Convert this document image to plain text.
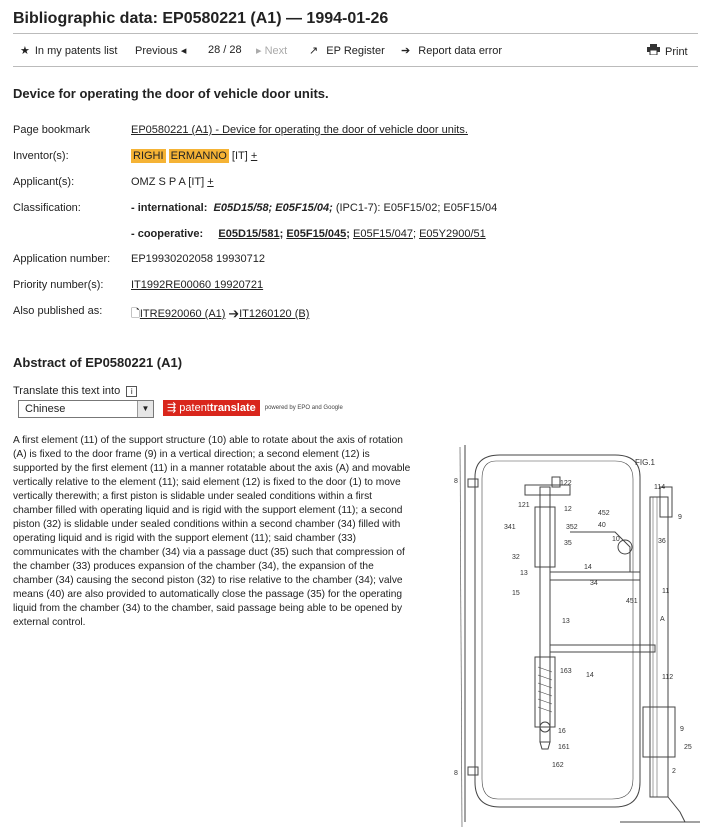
Bibliographic data: EP0580221 (A1) — 1994-01-26
★ In my patents list Previous ◂ 28 / 28 ▸ Next ↗ EP Register ➔ Report data error	Print
Device for operating the door of vehicle door units.
Page bookmark	EP0580221 (A1) - Device for operating the door of vehicle door units.
Inventor(s):	RIGHI ERMANNO [IT] +
Applicant(s):	OMZ S P A [IT] +
Classification:	- international: E05D15/58; E05F15/04; (IPC1-7): E05F15/02; E05F15/04
- cooperative: E05D15/581; E05F15/045; E05F15/047; E05Y2900/51
Application number:	EP19930202058 19930712
Priority number(s):	IT1992RE00060 19920721
Also published as:	🗋ITRE920060 (A1) ➔IT1260120 (B)
Abstract of EP0580221 (A1)
Translate this text into i
Chinese	▼	⇶ patenttranslate	powered by EPO and Google
A first element (11) of the support structure (10) able to rotate about the axis of rotation (A) is fixed to the door frame (9) in a vertical direction; a second element (12) is supported by the first element (11) in a manner rotatable about the axis (A) and movable vertically relative to the element (11); said element (12) is fixed to the door (1) to move vertically therewith; a first piston is slidable under sealed conditions within a first chamber filled with operating liquid and is rigid with the support element (11); a second piston (32) is slidable under sealed conditions within a second chamber (34) filled with operating liquid and is rigid with the support element (11); said chamber (33) communicates with the chamber (34) via a passage duct (35) such that compression of the chamber (33) produces expansion of the chamber (34), the expansion of the chamber (34) causing the second piston (32) to rise relative to the chamber (34); valve means (40) are also provided to automatically close the passage (35) for the operating liquid from the chamber (34) to the chamber, said passage being able to be opened by external control.
FIG.1
8	122
121
12
452
40
10
114
9
341	352
35	36
32
13
34
15
14
451
11
A
13
163
14	112
16
161
162
9
25
8	2
